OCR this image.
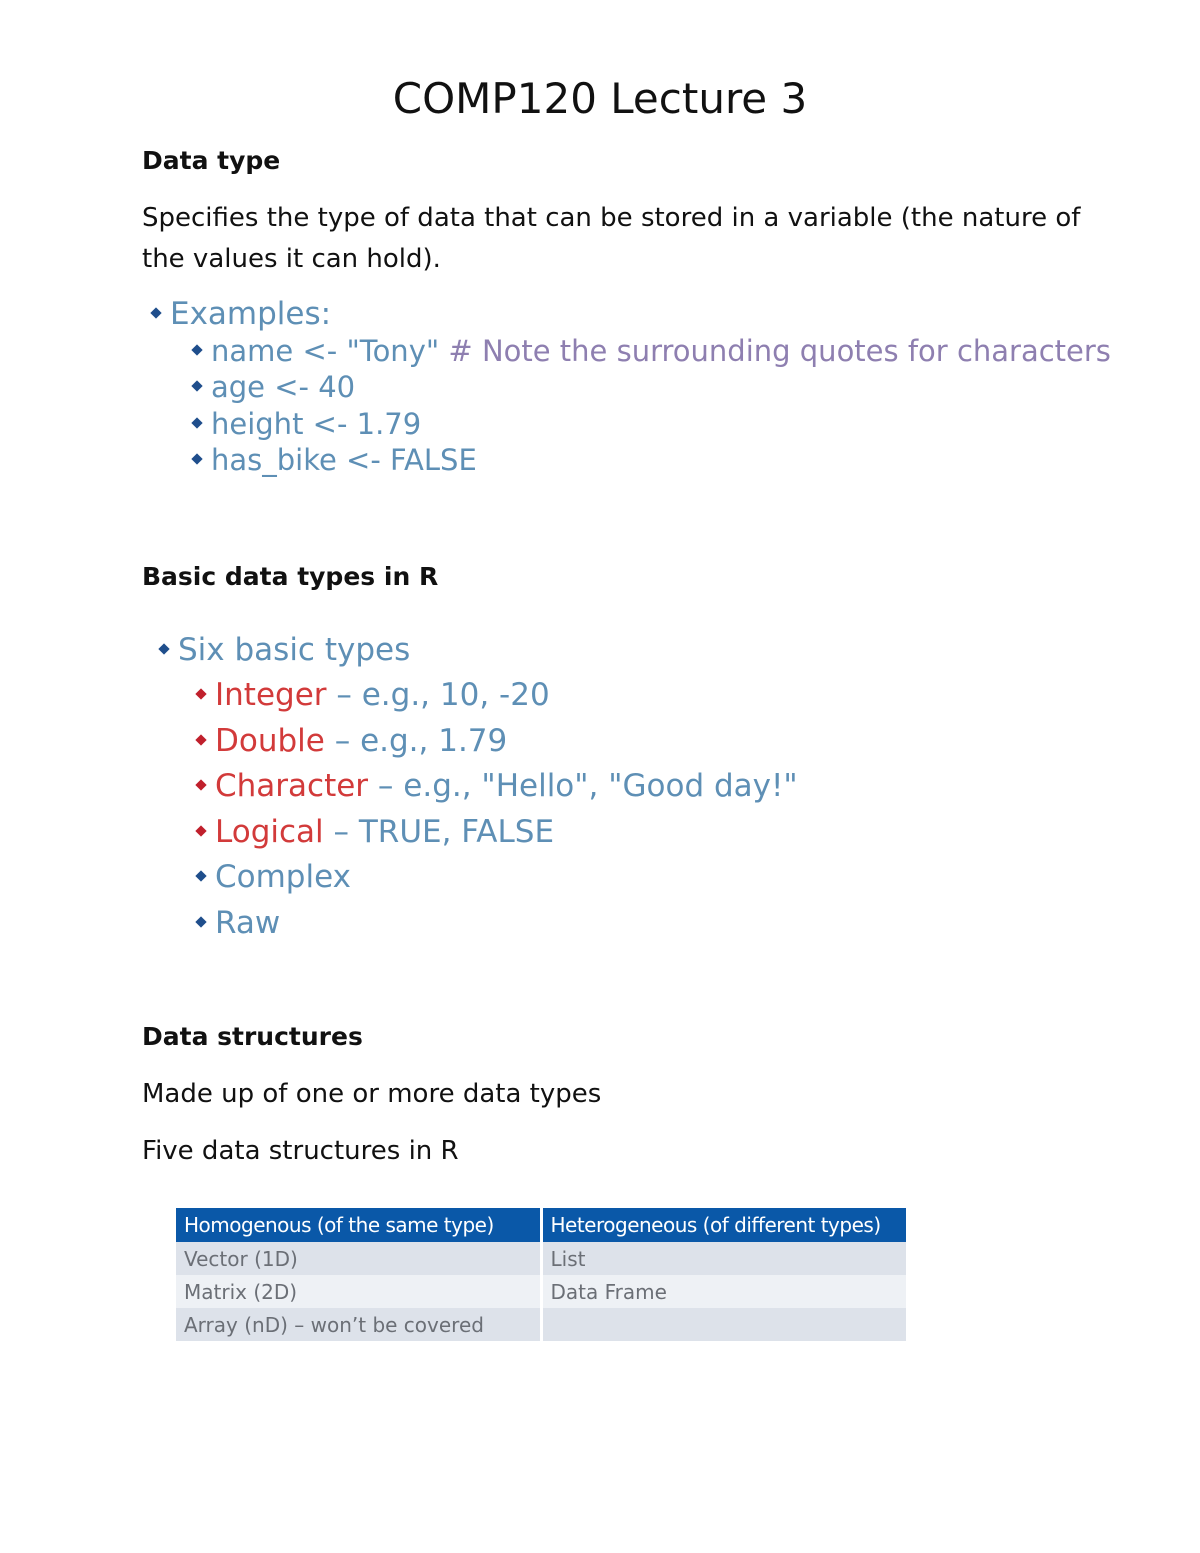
COMP120 Lecture 3
Data type
Specifies the type of data that can be stored in a variable (the nature of the values it can hold).
Examples:
name <- "Tony" # Note the surrounding quotes for characters
age <- 40
height <- 1.79
has_bike <- FALSE
Basic data types in R
Six basic types
Integer – e.g., 10, -20
Double – e.g., 1.79
Character – e.g., "Hello", "Good day!"
Logical – TRUE, FALSE
Complex
Raw
Data structures
Made up of one or more data types
Five data structures in R
Homogenous (of the same type)	Heterogeneous (of different types)
Vector (1D)	List
Matrix (2D)	Data Frame
Array (nD) – won’t be covered	
